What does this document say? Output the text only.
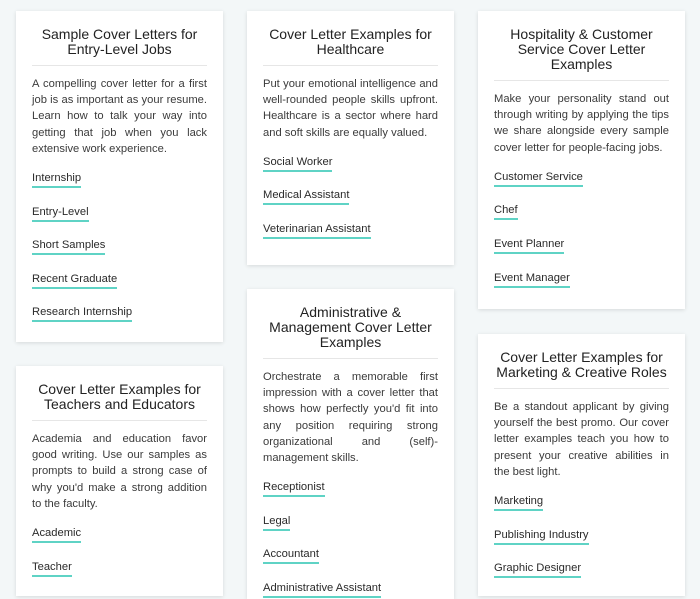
Sample Cover Letters for Entry-Level Jobs

A compelling cover letter for a first job is as important as your resume. Learn how to talk your way into getting that job when you lack extensive work experience.

Internship
Entry-Level
Short Samples
Recent Graduate
Research Internship
Cover Letter Examples for Teachers and Educators

Academia and education favor good writing. Use our samples as prompts to build a strong case of why you'd make a strong addition to the faculty.

Academic
Teacher
Cover Letter Examples for Healthcare

Put your emotional intelligence and well-rounded people skills upfront. Healthcare is a sector where hard and soft skills are equally valued.

Social Worker
Medical Assistant
Veterinarian Assistant
Administrative & Management Cover Letter Examples

Orchestrate a memorable first impression with a cover letter that shows how perfectly you'd fit into any position requiring strong organizational and (self)-management skills.

Receptionist
Legal
Accountant
Administrative Assistant
Hospitality & Customer Service Cover Letter Examples

Make your personality stand out through writing by applying the tips we share alongside every sample cover letter for people-facing jobs.

Customer Service
Chef
Event Planner
Event Manager
Cover Letter Examples for Marketing & Creative Roles

Be a standout applicant by giving yourself the best promo. Our cover letter examples teach you how to present your creative abilities in the best light.

Marketing
Publishing Industry
Graphic Designer
